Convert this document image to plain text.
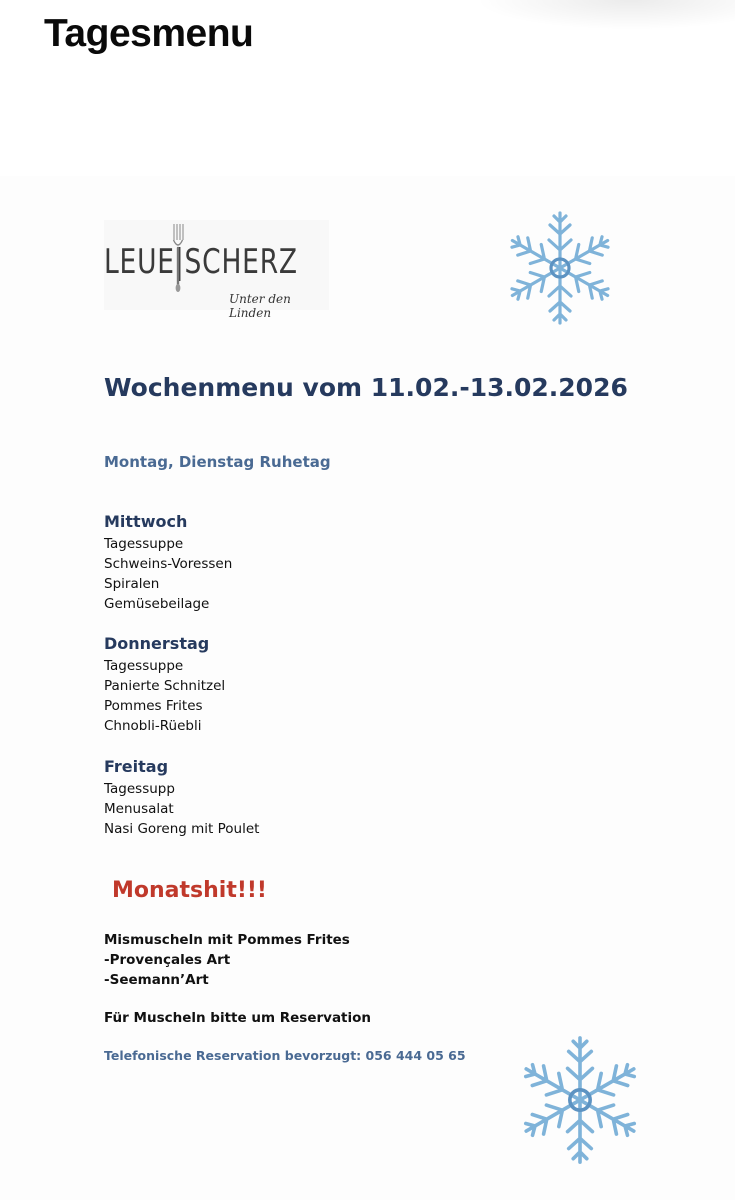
Tagesmenu
LEUE|SCHERZ
Unter den Linden
Wochenmenu vom 11.02.-13.02.2026
Montag, Dienstag Ruhetag
Mittwoch
Tagessuppe
Schweins-Voressen
Spiralen
Gemüsebeilage
Donnerstag
Tagessuppe
Panierte Schnitzel
Pommes Frites
Chnobli-Rüebli
Freitag
Tagessupp
Menusalat
Nasi Goreng mit Poulet
Monatshit!!!
Mismuscheln mit Pommes Frites
-Provençales Art
-Seemann’Art
Für Muscheln bitte um Reservation
Telefonische Reservation bevorzugt: 056 444 05 65
